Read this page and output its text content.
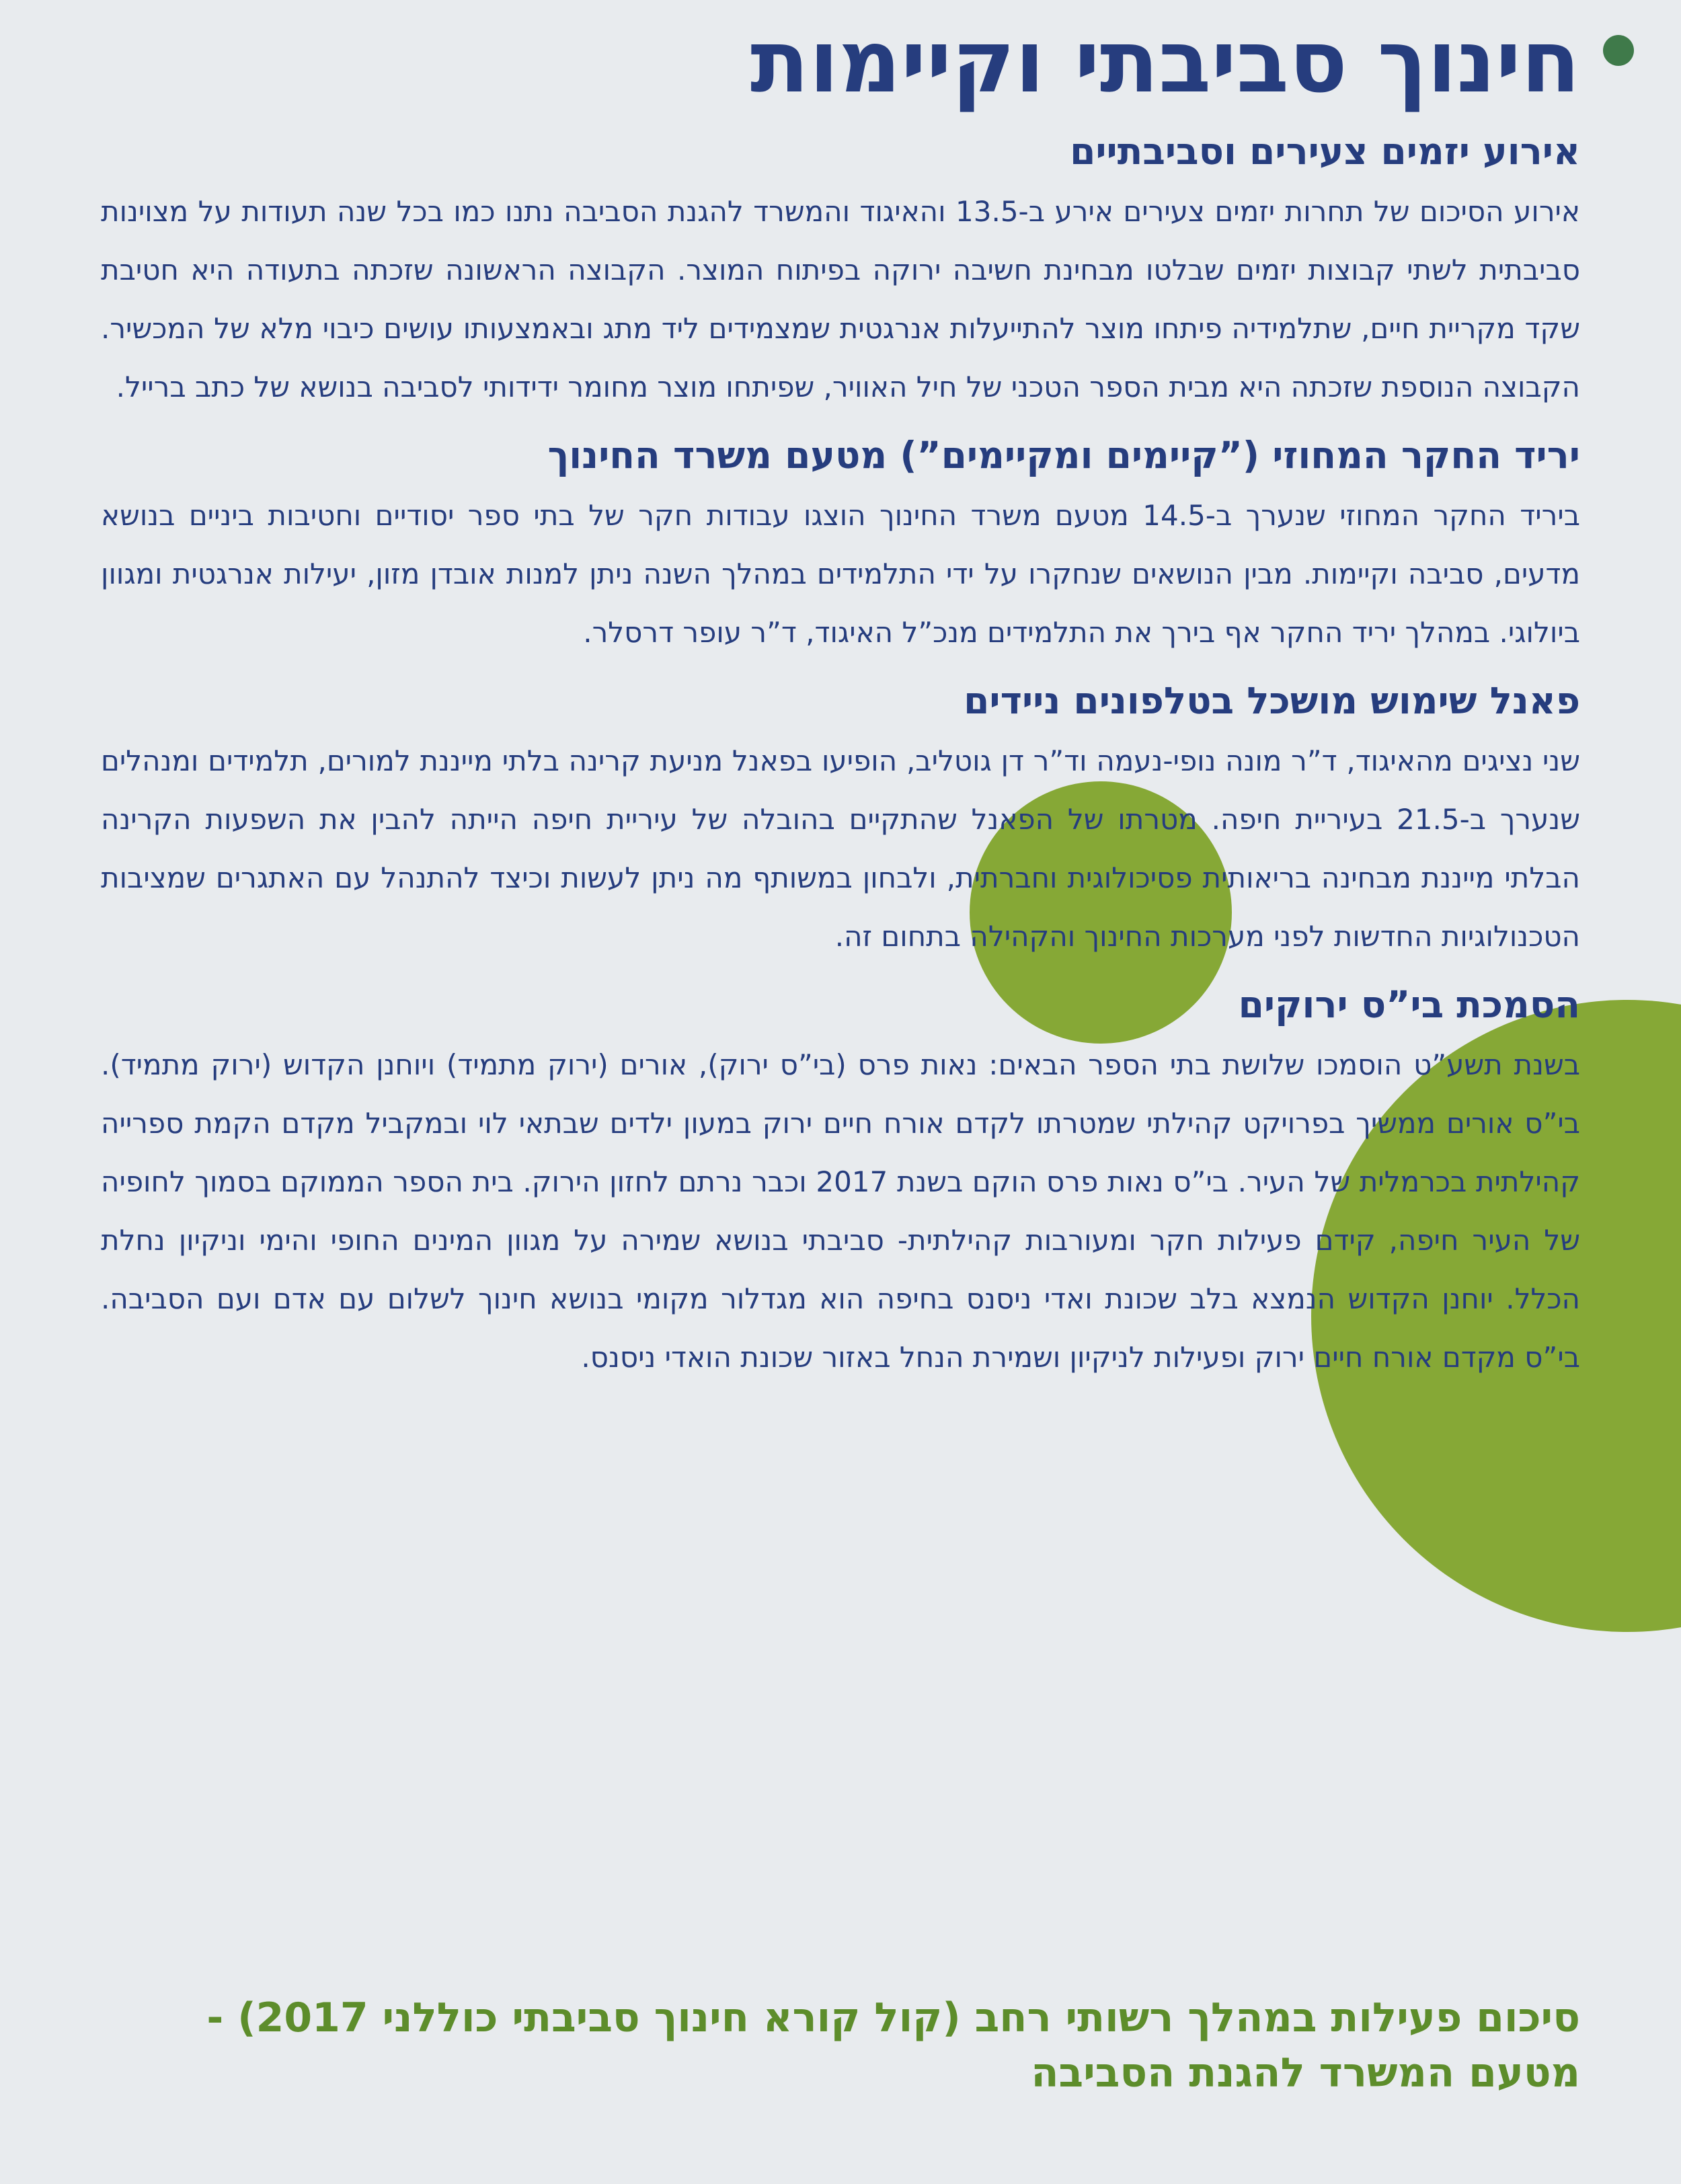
חינוך סביבתי וקיימות
אירוע יזמים צעירים וסביבתיים

אירוע הסיכום של תחרות יזמים צעירים אירע ב-13.5 והאיגוד והמשרד להגנת הסביבה נתנו כמו בכל שנה תעודות על מצוינות סביבתית לשתי קבוצות יזמים שבלטו מבחינת חשיבה ירוקה בפיתוח המוצר. הקבוצה הראשונה שזכתה בתעודה היא חטיבת שקד מקריית חיים, שתלמידיה פיתחו מוצר להתייעלות אנרגטית שמצמידים ליד מתג ובאמצעותו עושים כיבוי מלא של המכשיר. הקבוצה הנוספת שזכתה היא מבית הספר הטכני של חיל האוויר, שפיתחו מוצר מחומר ידידותי לסביבה בנושא של כתב ברייל.

יריד החקר המחוזי (”קיימים ומקיימים”) מטעם משרד החינוך

ביריד החקר המחוזי שנערך ב-14.5 מטעם משרד החינוך הוצגו עבודות חקר של בתי ספר יסודיים וחטיבות ביניים בנושא מדעים, סביבה וקיימות. מבין הנושאים שנחקרו על ידי התלמידים במהלך השנה ניתן למנות אובדן מזון, יעילות אנרגטית ומגוון ביולוגי. במהלך יריד החקר אף בירך את התלמידים מנכ”ל האיגוד, ד”ר עופר דרסלר.

פאנל שימוש מושכל בטלפונים ניידים

שני נציגים מהאיגוד, ד”ר מונה נופי-נעמה וד”ר דן גוטליב, הופיעו בפאנל מניעת קרינה בלתי מייננת למורים, תלמידים ומנהלים שנערך ב-21.5 בעיריית חיפה. מטרתו של הפאנל שהתקיים בהובלה של עיריית חיפה הייתה להבין את השפעות הקרינה הבלתי מייננת מבחינה בריאותית פסיכולוגית וחברתית, ולבחון במשותף מה ניתן לעשות וכיצד להתנהל עם האתגרים שמציבות הטכנולוגיות החדשות לפני מערכות החינוך והקהילה בתחום זה.

הסמכת בי”ס ירוקים

בשנת תשע”ט הוסמכו שלושת בתי הספר הבאים: נאות פרס (בי”ס ירוק), אורים (ירוק מתמיד) ויוחנן הקדוש (ירוק מתמיד). בי”ס אורים ממשיך בפרויקט קהילתי שמטרתו לקדם אורח חיים ירוק במעון ילדים שבתאי לוי ובמקביל מקדם הקמת ספרייה קהילתית בכרמלית של העיר. בי”ס נאות פרס הוקם בשנת 2017 וכבר נרתם לחזון הירוק. בית הספר הממוקם בסמוך לחופיה של העיר חיפה, קידם פעילות חקר ומעורבות קהילתית- סביבתי בנושא שמירה על מגוון המינים החופי והימי וניקיון נחלת הכלל. יוחנן הקדוש הנמצא בלב שכונת ואדי ניסנס בחיפה הוא מגדלור מקומי בנושא חינוך לשלום עם אדם ועם הסביבה. בי”ס מקדם אורח חיים ירוק ופעילות לניקיון ושמירת הנחל באזור שכונת הואדי ניסנס.

סיכום פעילות במהלך רשותי רחב (קול קורא חינוך סביבתי כוללני 2017) -
מטעם המשרד להגנת הסביבה
